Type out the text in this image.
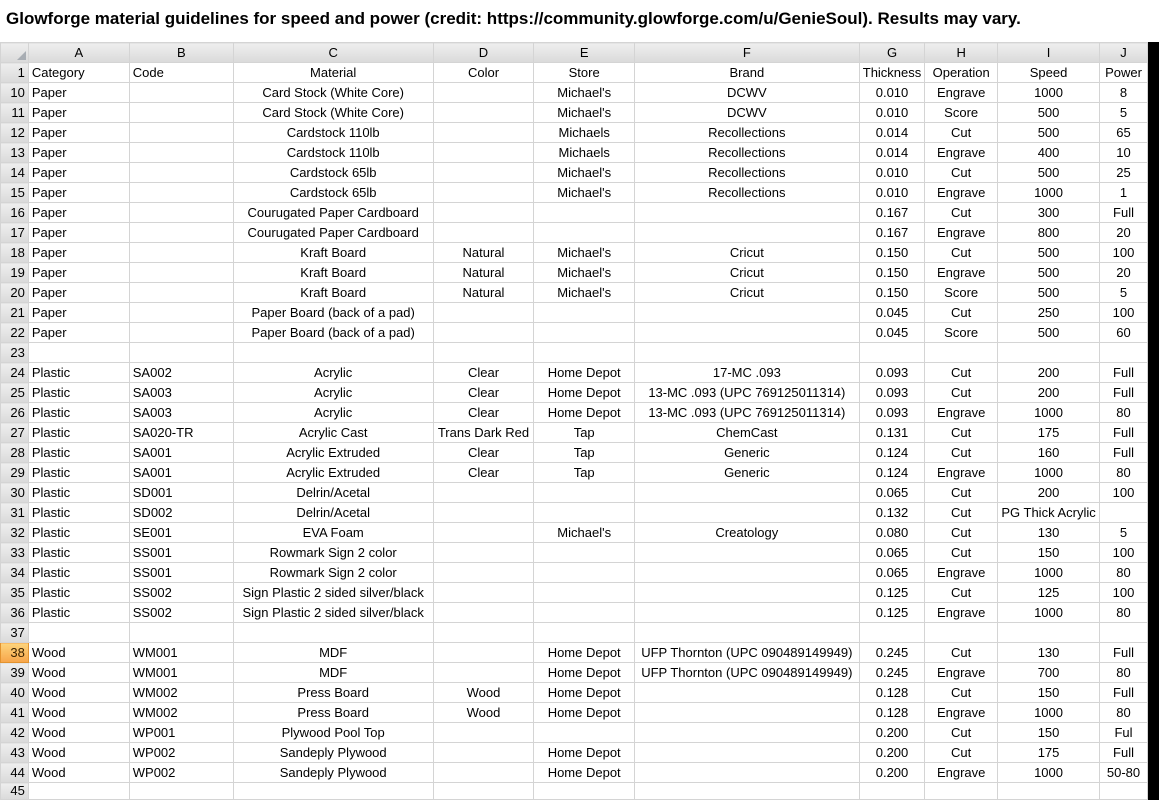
Glowforge material guidelines for speed and power (credit: https://community.glowforge.com/u/GenieSoul). Results may vary.
	A	B	C	D	E	F	G	H	I	J
1	Category	Code	Material	Color	Store	Brand	Thickness	Operation	Speed	Power
10	Paper		Card Stock (White Core)		Michael's	DCWV	0.010	Engrave	1000	8
11	Paper		Card Stock (White Core)		Michael's	DCWV	0.010	Score	500	5
12	Paper		Cardstock 110lb		Michaels	Recollections	0.014	Cut	500	65
13	Paper		Cardstock 110lb		Michaels	Recollections	0.014	Engrave	400	10
14	Paper		Cardstock 65lb		Michael's	Recollections	0.010	Cut	500	25
15	Paper		Cardstock 65lb		Michael's	Recollections	0.010	Engrave	1000	1
16	Paper		Courugated Paper Cardboard				0.167	Cut	300	Full
17	Paper		Courugated Paper Cardboard				0.167	Engrave	800	20
18	Paper		Kraft Board	Natural	Michael's	Cricut	0.150	Cut	500	100
19	Paper		Kraft Board	Natural	Michael's	Cricut	0.150	Engrave	500	20
20	Paper		Kraft Board	Natural	Michael's	Cricut	0.150	Score	500	5
21	Paper		Paper Board (back of a pad)				0.045	Cut	250	100
22	Paper		Paper Board (back of a pad)				0.045	Score	500	60
23										
24	Plastic	SA002	Acrylic	Clear	Home Depot	17-MC .093	0.093	Cut	200	Full
25	Plastic	SA003	Acrylic	Clear	Home Depot	13-MC .093 (UPC 769125011314)	0.093	Cut	200	Full
26	Plastic	SA003	Acrylic	Clear	Home Depot	13-MC .093 (UPC 769125011314)	0.093	Engrave	1000	80
27	Plastic	SA020-TR	Acrylic Cast	Trans Dark Red	Tap	ChemCast	0.131	Cut	175	Full
28	Plastic	SA001	Acrylic Extruded	Clear	Tap	Generic	0.124	Cut	160	Full
29	Plastic	SA001	Acrylic Extruded	Clear	Tap	Generic	0.124	Engrave	1000	80
30	Plastic	SD001	Delrin/Acetal				0.065	Cut	200	100
31	Plastic	SD002	Delrin/Acetal				0.132	Cut	PG Thick Acrylic	
32	Plastic	SE001	EVA Foam		Michael's	Creatology	0.080	Cut	130	5
33	Plastic	SS001	Rowmark Sign 2 color				0.065	Cut	150	100
34	Plastic	SS001	Rowmark Sign 2 color				0.065	Engrave	1000	80
35	Plastic	SS002	Sign Plastic 2 sided silver/black				0.125	Cut	125	100
36	Plastic	SS002	Sign Plastic 2 sided silver/black				0.125	Engrave	1000	80
37										
38	Wood	WM001	MDF		Home Depot	UFP Thornton (UPC 090489149949)	0.245	Cut	130	Full
39	Wood	WM001	MDF		Home Depot	UFP Thornton (UPC 090489149949)	0.245	Engrave	700	80
40	Wood	WM002	Press Board	Wood	Home Depot		0.128	Cut	150	Full
41	Wood	WM002	Press Board	Wood	Home Depot		0.128	Engrave	1000	80
42	Wood	WP001	Plywood Pool Top				0.200	Cut	150	Ful
43	Wood	WP002	Sandeply Plywood		Home Depot		0.200	Cut	175	Full
44	Wood	WP002	Sandeply Plywood		Home Depot		0.200	Engrave	1000	50-80
45										
